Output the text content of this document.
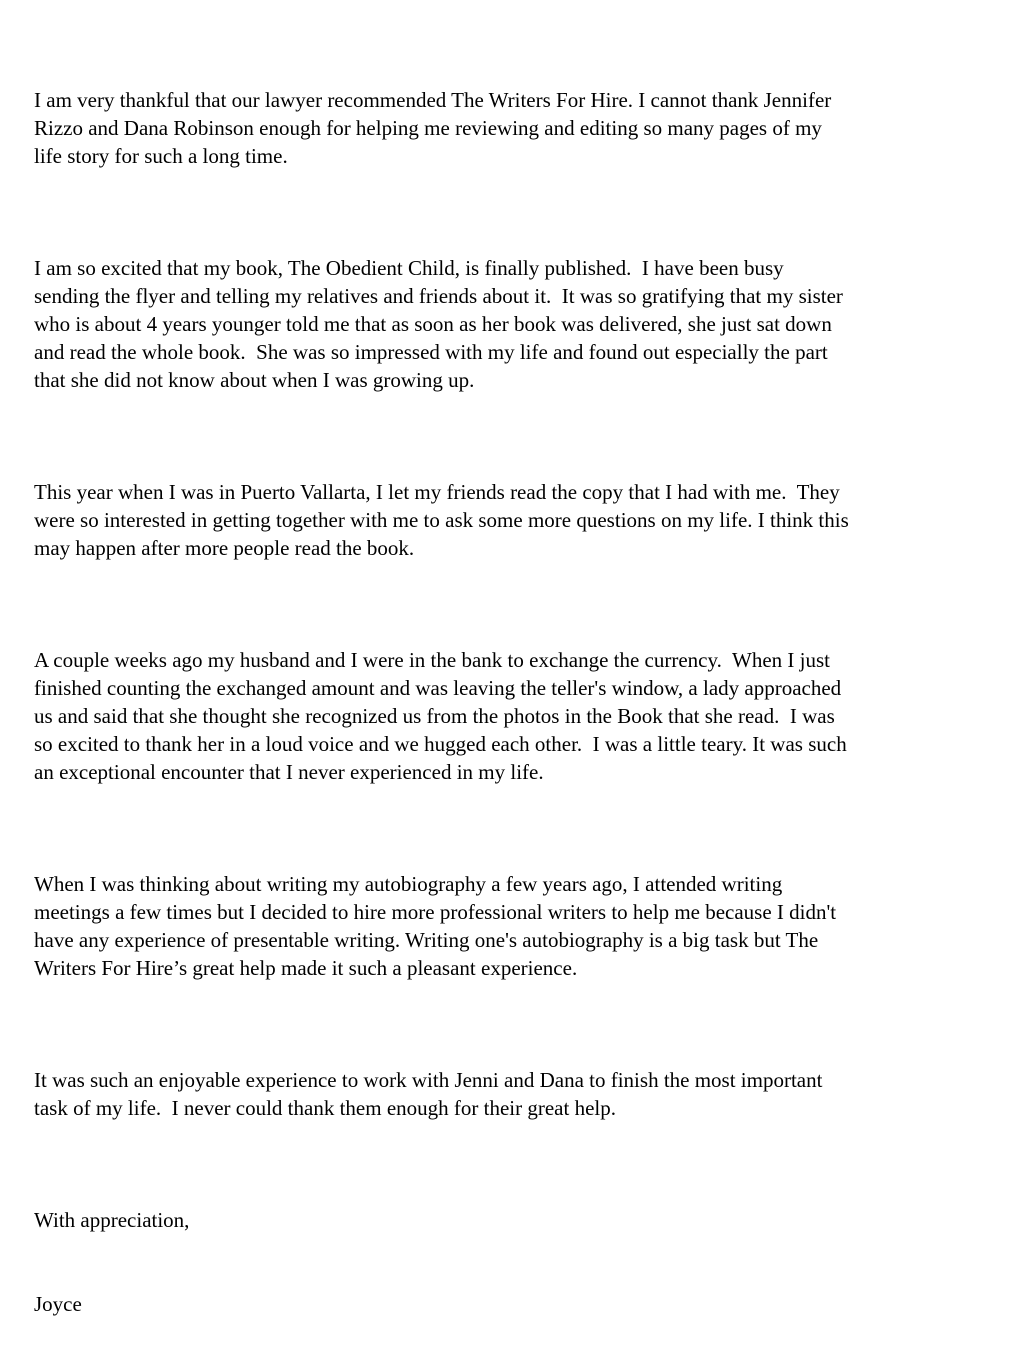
I am very thankful that our lawyer recommended The Writers For Hire. I cannot thank Jennifer
Rizzo and Dana Robinson enough for helping me reviewing and editing so many pages of my
life story for such a long time.

I am so excited that my book, The Obedient Child, is finally published.  I have been busy
sending the flyer and telling my relatives and friends about it.  It was so gratifying that my sister
who is about 4 years younger told me that as soon as her book was delivered, she just sat down
and read the whole book.  She was so impressed with my life and found out especially the part
that she did not know about when I was growing up.

This year when I was in Puerto Vallarta, I let my friends read the copy that I had with me.  They
were so interested in getting together with me to ask some more questions on my life. I think this
may happen after more people read the book.

A couple weeks ago my husband and I were in the bank to exchange the currency.  When I just
finished counting the exchanged amount and was leaving the teller's window, a lady approached
us and said that she thought she recognized us from the photos in the Book that she read.  I was
so excited to thank her in a loud voice and we hugged each other.  I was a little teary. It was such
an exceptional encounter that I never experienced in my life.

When I was thinking about writing my autobiography a few years ago, I attended writing
meetings a few times but I decided to hire more professional writers to help me because I didn't
have any experience of presentable writing. Writing one's autobiography is a big task but The
Writers For Hire’s great help made it such a pleasant experience.

It was such an enjoyable experience to work with Jenni and Dana to finish the most important
task of my life.  I never could thank them enough for their great help.

With appreciation,

Joyce
